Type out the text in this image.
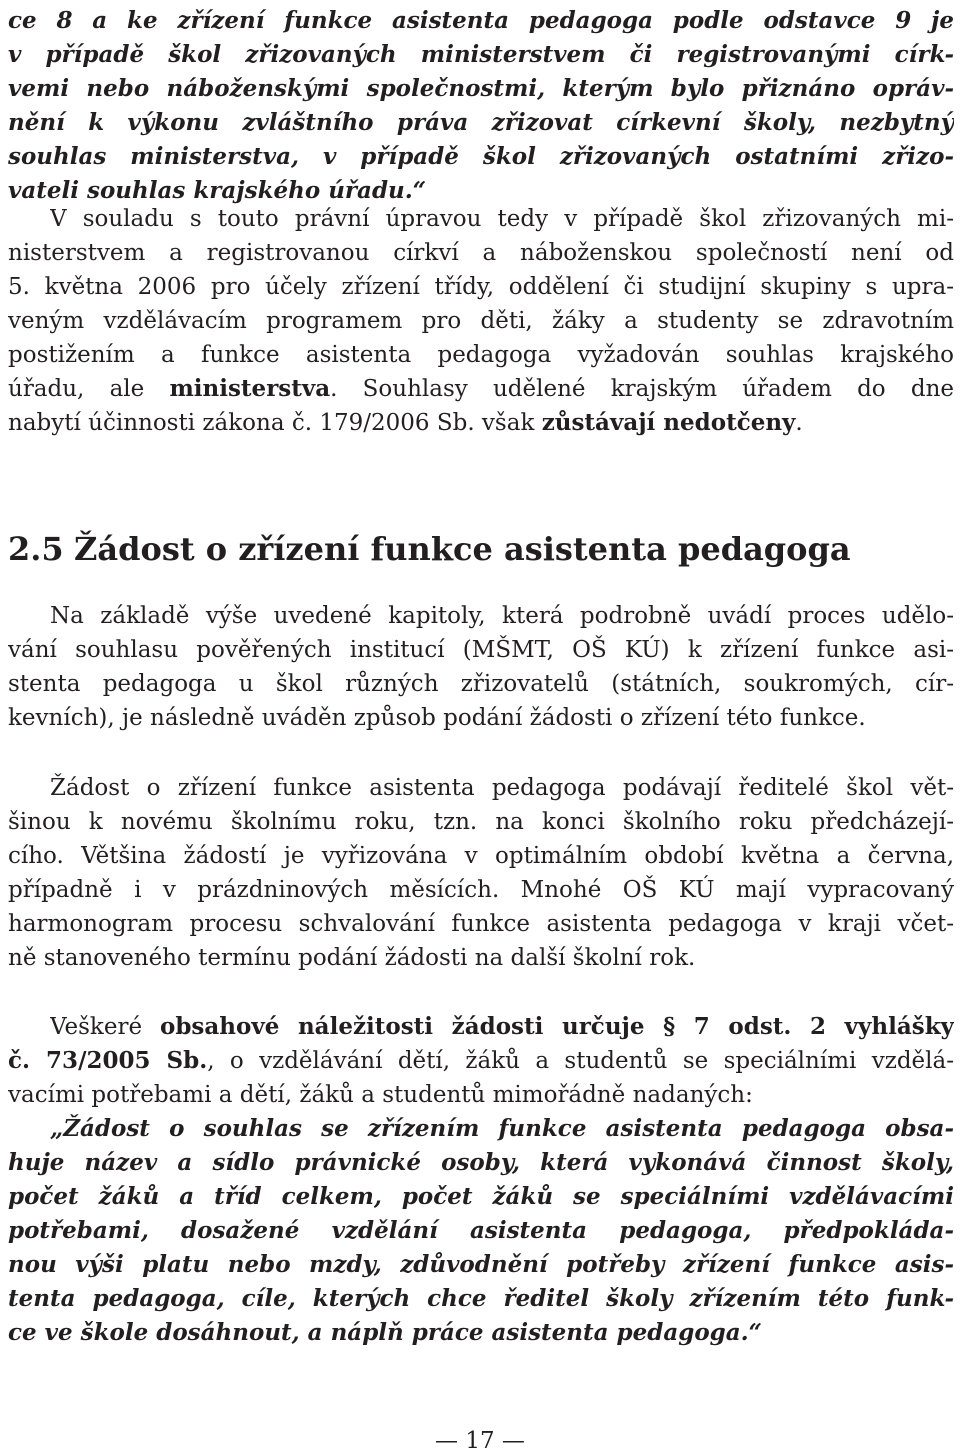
ce 8 a ke zřízení funkce asistenta pedagoga podle odstavce 9 je
v případě škol zřizovaných ministerstvem či registrovanými círk-
vemi nebo náboženskými společnostmi, kterým bylo přiznáno opráv-
nění k výkonu zvláštního práva zřizovat církevní školy, nezbytný
souhlas ministerstva, v případě škol zřizovaných ostatními zřizo-
vateli souhlas krajského úřadu.“
V souladu s touto právní úpravou tedy v případě škol zřizovaných mi-
nisterstvem a registrovanou církví a náboženskou společností není od
5. května 2006 pro účely zřízení třídy, oddělení či studijní skupiny s upra-
veným vzdělávacím programem pro děti, žáky a studenty se zdravotním
postižením a funkce asistenta pedagoga vyžadován souhlas krajského
úřadu, ale ministerstva. Souhlasy udělené krajským úřadem do dne
nabytí účinnosti zákona č. 179/2006 Sb. však zůstávají nedotčeny.
2.5 Žádost o zřízení funkce asistenta pedagoga
Na základě výše uvedené kapitoly, která podrobně uvádí proces udělo-
vání souhlasu pověřených institucí (MŠMT, OŠ KÚ) k zřízení funkce asi-
stenta pedagoga u škol různých zřizovatelů (státních, soukromých, cír-
kevních), je následně uváděn způsob podání žádosti o zřízení této funkce.
Žádost o zřízení funkce asistenta pedagoga podávají ředitelé škol vět-
šinou k novému školnímu roku, tzn. na konci školního roku předcházejí-
cího. Většina žádostí je vyřizována v optimálním období května a června,
případně i v prázdninových měsících. Mnohé OŠ KÚ mají vypracovaný
harmonogram procesu schvalování funkce asistenta pedagoga v kraji včet-
ně stanoveného termínu podání žádosti na další školní rok.
Veškeré obsahové náležitosti žádosti určuje § 7 odst. 2 vyhlášky
č. 73/2005 Sb., o vzdělávání dětí, žáků a studentů se speciálními vzdělá-
vacími potřebami a dětí, žáků a studentů mimořádně nadaných:
„Žádost o souhlas se zřízením funkce asistenta pedagoga obsa-
huje název a sídlo právnické osoby, která vykonává činnost školy,
počet žáků a tříd celkem, počet žáků se speciálními vzdělávacími
potřebami, dosažené vzdělání asistenta pedagoga, předpokláda-
nou výši platu nebo mzdy, zdůvodnění potřeby zřízení funkce asis-
tenta pedagoga, cíle, kterých chce ředitel školy zřízením této funk-
ce ve škole dosáhnout, a náplň práce asistenta pedagoga.“
— 17 —
